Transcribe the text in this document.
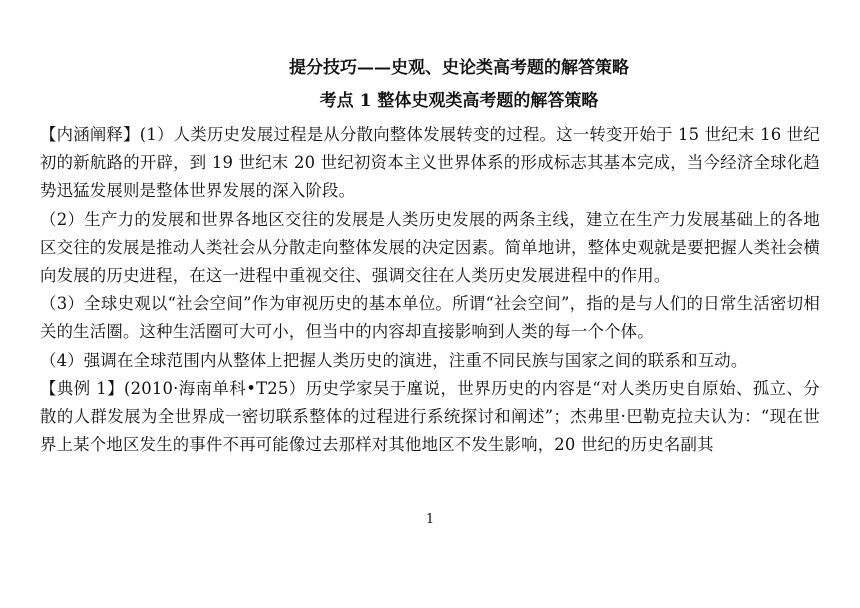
提分技巧——史观、史论类高考题的解答策略
考点 1 整体史观类高考题的解答策略

【内涵阐释】(1）人类历史发展过程是从分散向整体发展转变的过程。这一转变开始于 15 世纪末 16 世纪初的新航路的开辟，到 19 世纪末 20 世纪初资本主义世界体系的形成标志其基本完成，当今经济全球化趋势迅猛发展则是整体世界发展的深入阶段。

（2）生产力的发展和世界各地区交往的发展是人类历史发展的两条主线，建立在生产力发展基础上的各地区交往的发展是推动人类社会从分散走向整体发展的决定因素。简单地讲，整体史观就是要把握人类社会横向发展的历史进程，在这一进程中重视交往、强调交往在人类历史发展进程中的作用。

（3）全球史观以“社会空间”作为审视历史的基本单位。所谓“社会空间”，指的是与人们的日常生活密切相关的生活圈。这种生活圈可大可小，但当中的内容却直接影响到人类的每一个个体。

（4）强调在全球范围内从整体上把握人类历史的演进，注重不同民族与国家之间的联系和互动。

【典例 1】(2010·海南单科•T25）历史学家吴于廑说，世界历史的内容是“对人类历史自原始、孤立、分散的人群发展为全世界成一密切联系整体的过程进行系统探讨和阐述”；杰弗里·巴勒克拉夫认为：“现在世界上某个地区发生的事件不再可能像过去那样对其他地区不发生影响，20 世纪的历史名副其

1
